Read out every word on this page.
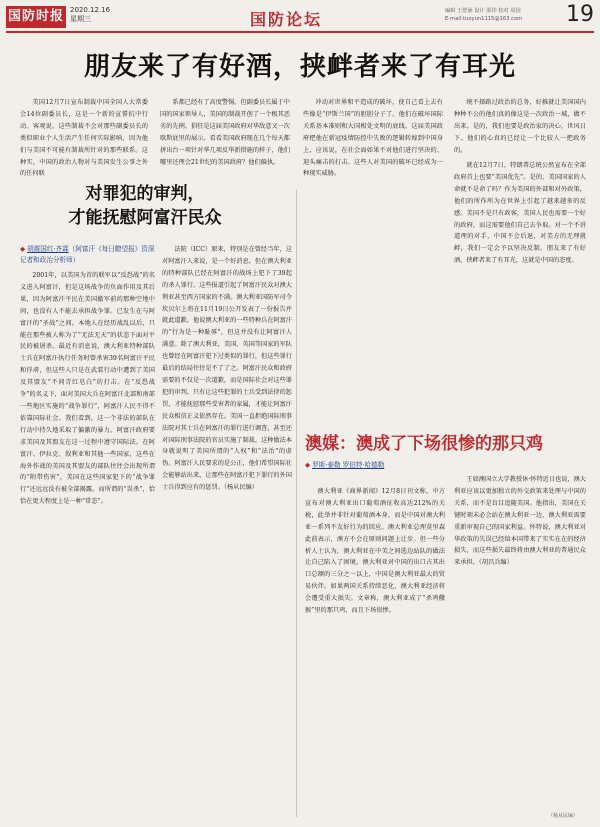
国防时报 2020.12.16
星期三	国防论坛	编辑 王舒涵 设计 邵伟 校对 周园
E-mail:tuoyun1115@163.com	19
朋友来了有好酒，挟衅者来了有耳光

美国12月7日宣布制裁中国全国人大常委会14位副委员长，这是一个新的宣誓抗中行动。客观说，这些制裁不会对那些副委员长的类似职业个人生活产生任何实际影响，因为他们与美国不可能有制裁所针对的那些联系。这种实，中国的政治人物对与美国发生公事之外的任何联

系都已经有了高度警惕。但副委员长属于中国的国家领导人，美国的制裁开创了一个极其恶劣的先例。猖狂是这届美国政府对华敌意又一次歇斯底里的展示。看看美国政府现在几个每天都拼出台一项针对华几项反华新措施的样子，他们哪里还理会21世纪的美国政府？他们偏执。

冲动对世界和平造成的破坏，使自己看上去有些像是“伊斯兰国”的胆胆分子了。他们在破坏国际关系基本准则和大国相处文明的底线。这届美国政府把他在新冠疫情防控中失败的逻辑转嫁到中国身上，应该说，在社会面如果不对他们进行坚决的、迎头痛击的打击。这些人对美国的破坏已经成为一种现实威胁。

统不择路过政治的总务，好推就让美国国内种种不公的他们真的像这是一次政治一城，做不出来。是的，我们也要是政治家的决心，世风日下。他们的心真的已经让一个比较人一把政务的。

就在12月7日，特朗普总统公然宣布在全部政府首上也要“美国优先”。是的，美国国家的人命就不是命了吗？作为美国的外部和对外政策，他们的所作所为在世界上引起了越来越多的反感。美国不是只有政客，美国人民也需要一个好的政府，而这需要他们自己去争取。对一个不讲道理的对手，中国不会后退，对美方的无理挑衅，我们一定会予以坚决反制。朋友来了有好酒，挟衅者来了有耳光，这就是中国的态度。

对罪犯的审判，
才能抚慰阿富汗民众
◆ 胡震国红·齐霖（阿富汗《每日瞭望报》资深记者和政治分析师）

2001年，以美国为首的联军以“反恐战”的名义进入阿富汗，但是这场战争的负面作用及其后果，因为阿富汗平民在美国撤军前的那种空地中间，也没有人不能去承担战争罪。已发生在与阿富汗的“圣战”之间。本地人在经历战乱以后，只能在那些被人称为了“无法无天”的状态下面对平民的被屠杀。最近有消息说，澳大利亚特种部队士兵在阿富汗执行任务时曾杀害39名阿富汗平民和俘虏，但这些人只是在武装行动中遭到了美国及其盟友“不问青红皂白”的打击。在“反恐战争”的名义下，面对美国大兵在阿富汗北部和南部一些地区实施的“战争罪行”，阿富汗人民不得不依靠国际社会。我们看到，这一个非法的部队在行动中持久地采取了偏激的暴力。阿富汗政府要求美国及其盟友在这一过程中遵守国际法。在阿富汗、伊拉克、叙利亚和其他一些国家，这些在海外作战的美国及其盟友的部队往往会出现所谓的“附带伤害”，美国在这些国家犯下的“战争罪行”还远远没有被全部揭露。而所谓的“误杀”，恰恰在更大程度上是一种“常态”。

法院（ICC）原来，特别是在曾经当年，这对阿富汗人来说，是一个好消息。但在澳大利亚的特种部队已经在阿富汗的战场上犯下了39起的杀人罪行。这些报道引起了阿富汗民众对澳大利亚甚至西方国家的不满。澳大利亚国防军司令坎贝尔上将在11月19日公开发表了一份报告并就此道歉，他说澳大利亚的一些特种兵在阿富汗的“行为是一种耻辱”，但这并没有让阿富汗人满意。除了澳大利亚，美国、英国等国家的军队也曾经在阿富汗犯下过类似的罪行，但这些罪行最后的结局往往是不了了之。阿富汗民众和政府需要的不仅是一次道歉，而是国际社会对这些罪犯的审判。只有让这些犯罪的士兵受到法律的惩罚，才能抚慰那些受害者的家属，才能让阿富汗民众相信正义依然存在。美国一直拒绝国际刑事法院对其士兵在阿富汗的罪行进行调查，甚至还对国际刑事法院的官员实施了制裁。这种做法本身就说明了美国所谓的“人权”和“法治”的虚伪。阿富汗人民要求的是公正，他们希望国际社会能够站出来，让那些在阿富汗犯下罪行的外国士兵得到应有的惩罚。（杨从民编）

澳媒：澳成了下场很惨的那只鸡
◆ 罗斯·泰勒 罗伯特·哈德勒

澳大利亚《商界新闻》12月8日刊文称，中方宣布对澳大利亚出口葡萄酒征收高达212%的关税，此举并非针对葡萄酒本身，而是中国对澳大利亚一系列不友好行为的回应。澳大利亚总理莫里森此前表示，澳方不会在原则问题上让步。但一些分析人士认为，澳大利亚在中美之间选边站队的做法让自己陷入了困境。澳大利亚对中国的出口占其出口总额的三分之一以上，中国是澳大利亚最大的贸易伙伴。如果两国关系持续恶化，澳大利亚经济将会遭受重大损失。文章称，澳大利亚成了“杀鸡儆猴”里的那只鸡，而且下场很惨。

王如澳国立大学教授休·怀特近日也说，澳大利亚应该以更加独立的外交政策来处理与中国的关系，而不是盲目追随美国。他指出，美国在关键时刻未必会站在澳大利亚一边，澳大利亚需要重新审视自己的国家利益。怀特说，澳大利亚对华政策的失误已经给本国带来了实实在在的经济损失，而这些损失最终将由澳大利亚的普通民众来承担。（胡昌兵编）

（杨从民编）
